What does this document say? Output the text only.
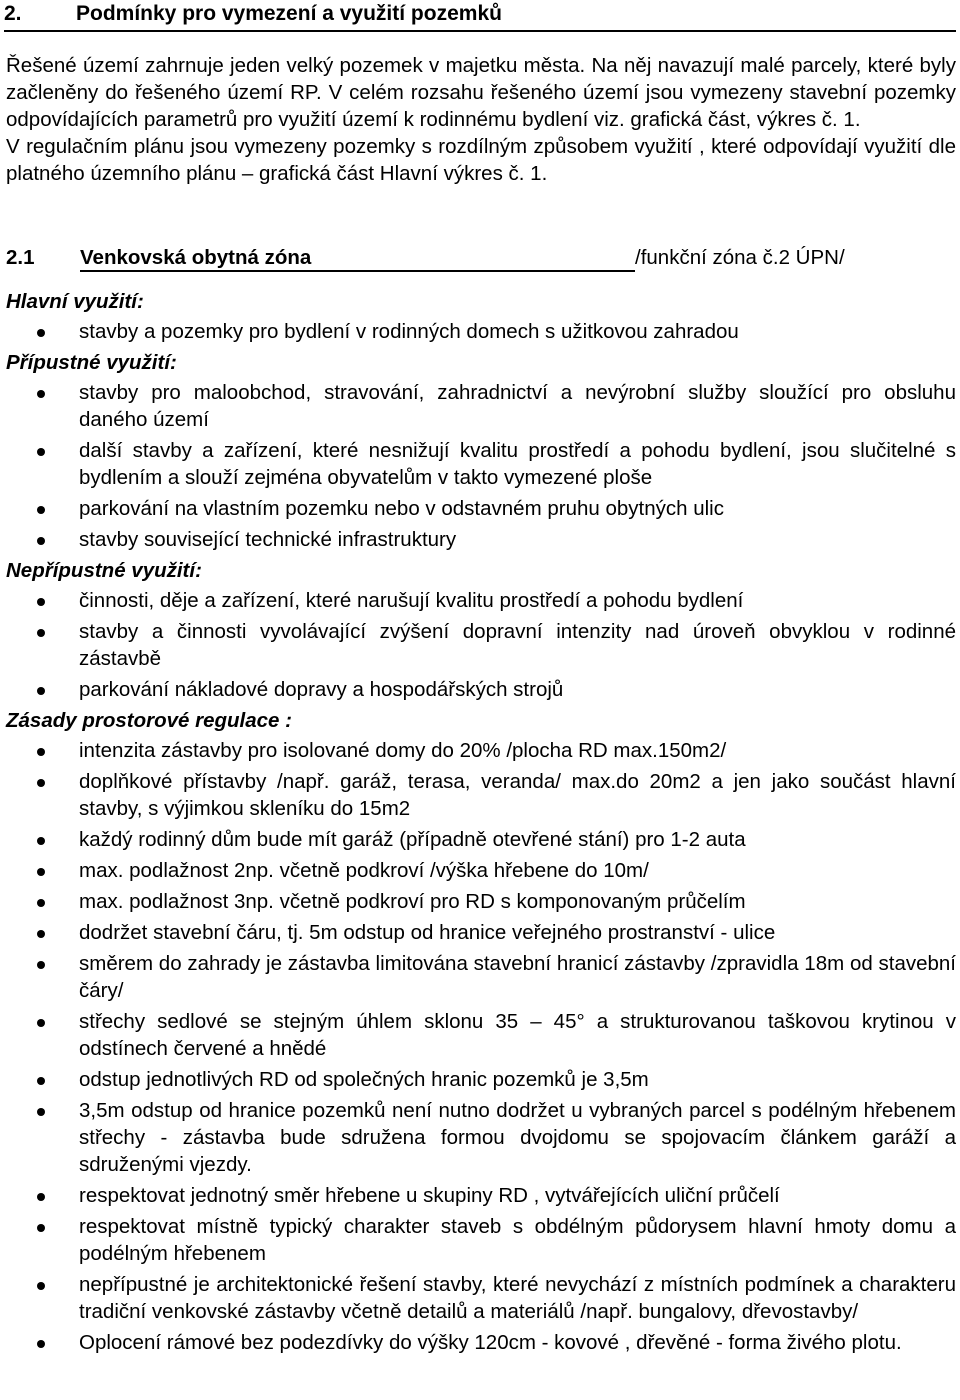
2.	Podmínky pro vymezení a využití pozemků

Řešené území zahrnuje jeden velký pozemek v majetku města. Na něj navazují malé parcely, které byly začleněny do řešeného území RP. V celém rozsahu řešeného území jsou vymezeny stavební pozemky odpovídajících parametrů pro využití území k rodinnému bydlení viz. grafická část, výkres č. 1.

V regulačním plánu jsou vymezeny pozemky s rozdílným způsobem využití , které odpovídají využití dle platného územního plánu – grafická část Hlavní výkres č. 1.

2.1 Venkovská obytná zóna	/funkční zóna č.2 ÚPN/

Hlavní využití:

stavby a pozemky pro bydlení v rodinných domech s užitkovou zahradou

Přípustné využití:

stavby pro maloobchod, stravování, zahradnictví a nevýrobní služby sloužící pro obsluhu daného území
další stavby a zařízení, které nesnižují kvalitu prostředí a pohodu bydlení, jsou slučitelné s bydlením a slouží zejména obyvatelům v takto vymezené ploše
parkování na vlastním pozemku nebo v odstavném pruhu obytných ulic
stavby související technické infrastruktury

Nepřípustné využití:

činnosti, děje a zařízení, které narušují kvalitu prostředí a pohodu bydlení
stavby a činnosti vyvolávající zvýšení dopravní intenzity nad úroveň obvyklou v rodinné zástavbě
parkování nákladové dopravy a hospodářských strojů

Zásady prostorové regulace :

intenzita zástavby pro isolované domy do 20% /plocha RD max.150m2/
doplňkové přístavby /např. garáž, terasa, veranda/ max.do 20m2 a jen jako součást hlavní stavby, s výjimkou skleníku do 15m2
každý rodinný dům bude mít garáž (případně otevřené stání) pro 1-2 auta
max. podlažnost 2np. včetně podkroví /výška hřebene do 10m/
max. podlažnost 3np. včetně podkroví pro RD s komponovaným průčelím
dodržet stavební čáru, tj. 5m odstup od hranice veřejného prostranství - ulice
směrem do zahrady je zástavba limitována stavební hranicí zástavby /zpravidla 18m od stavební čáry/
střechy sedlové se stejným úhlem sklonu 35 – 45° a strukturovanou taškovou krytinou v odstínech červené a hnědé
odstup jednotlivých RD od společných hranic pozemků je 3,5m
3,5m odstup od hranice pozemků není nutno dodržet u vybraných parcel s podélným hřebenem střechy - zástavba bude sdružena formou dvojdomu se spojovacím článkem garáží a sdruženými vjezdy.
respektovat jednotný směr hřebene u skupiny RD , vytvářejících uliční průčelí
respektovat místně typický charakter staveb s obdélným půdorysem hlavní hmoty domu a podélným hřebenem
nepřípustné je architektonické řešení stavby, které nevychází z místních podmínek a charakteru tradiční venkovské zástavby včetně detailů a materiálů /např. bungalovy, dřevostavby/
Oplocení rámové bez podezdívky do výšky 120cm - kovové , dřevěné - forma živého plotu.
